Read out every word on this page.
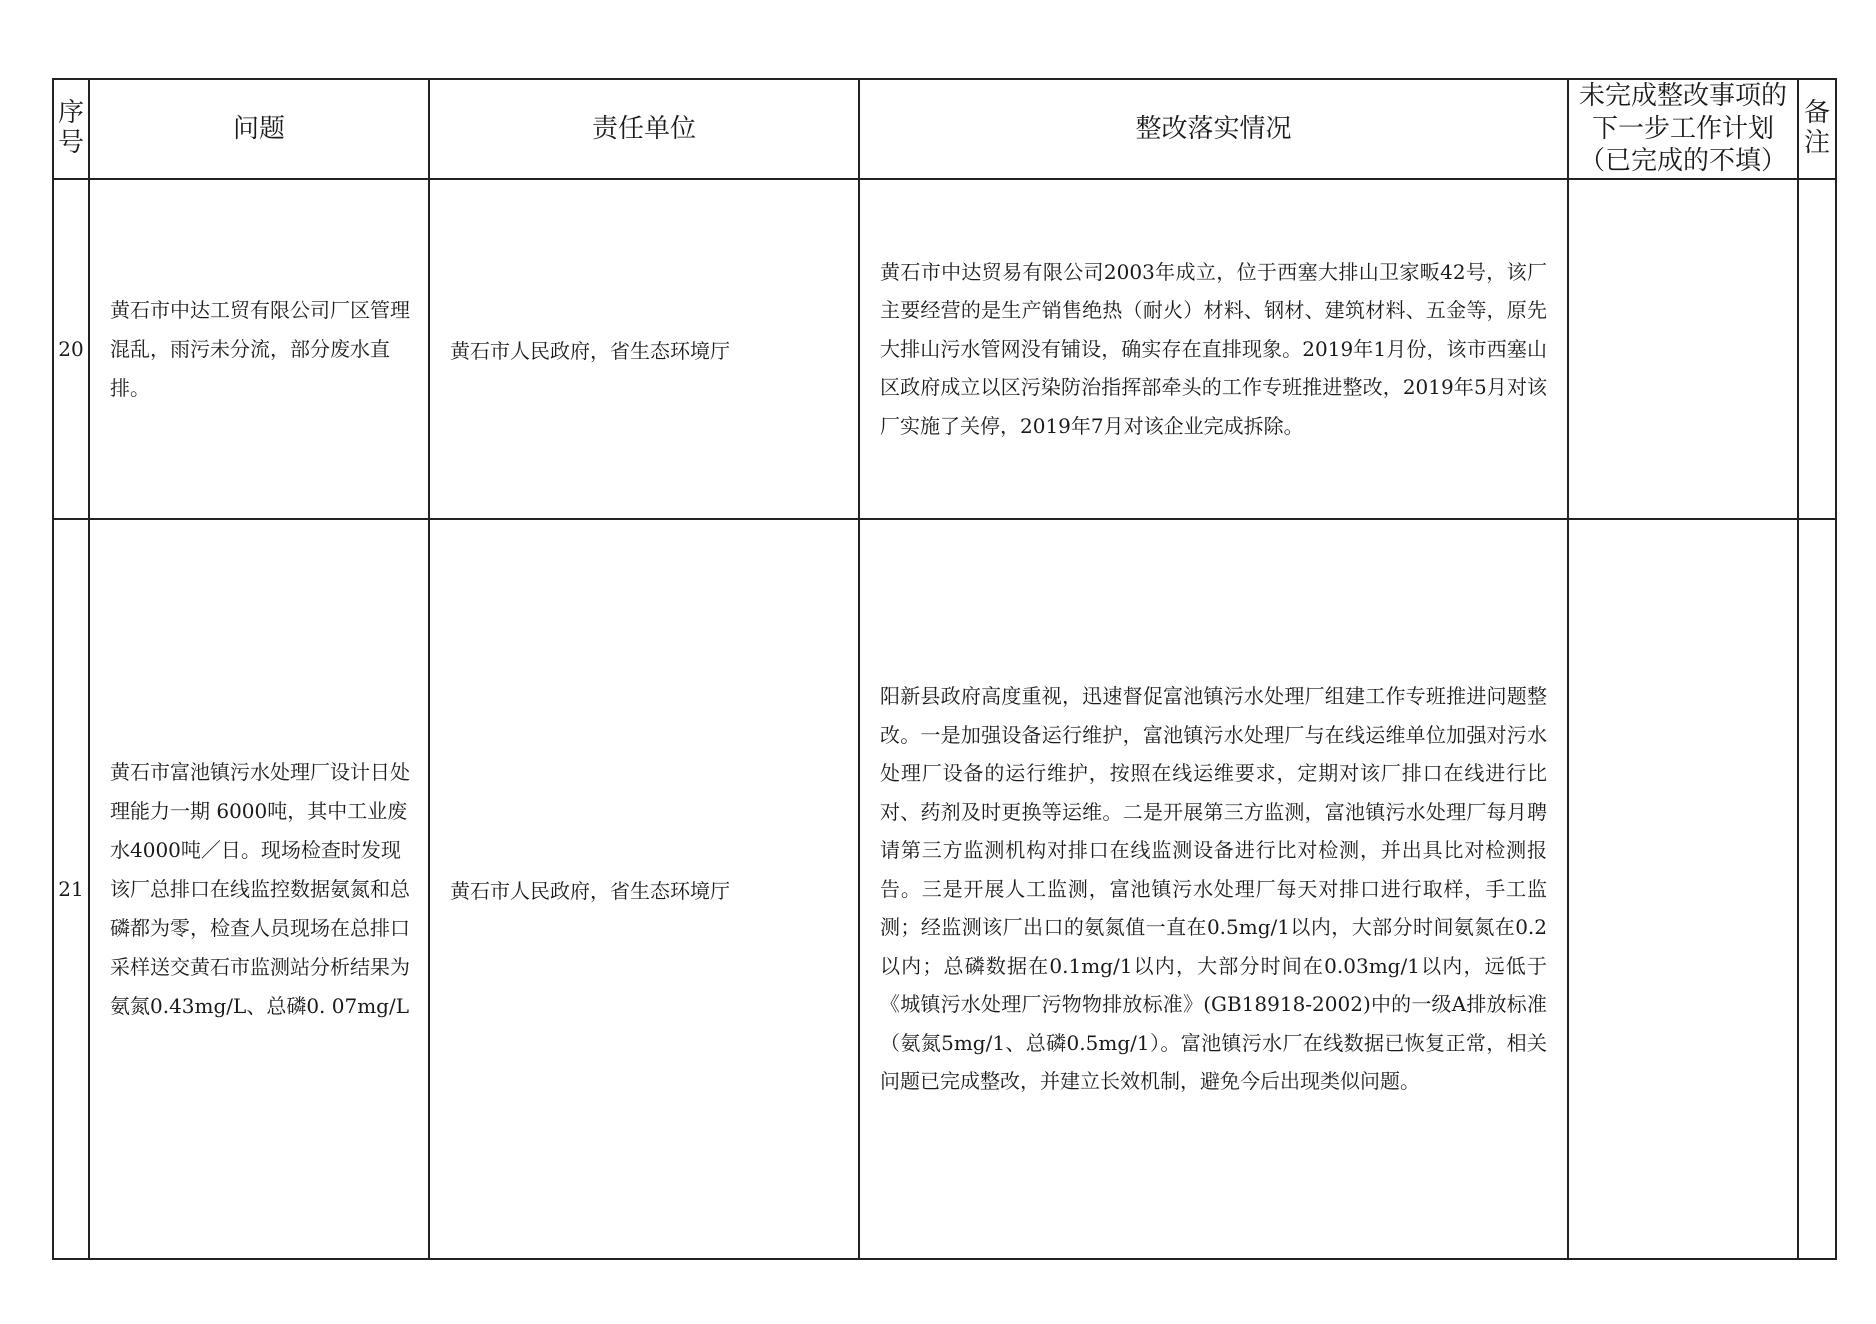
序号	问题	责任单位	整改落实情况	未完成整改事项的下一步工作计划（已完成的不填）	备注
20	黄石市中达工贸有限公司厂区管理混乱，雨污未分流，部分废水直排。	黄石市人民政府，省生态环境厅	黄石市中达贸易有限公司2003年成立，位于西塞大排山卫家畈42号，该厂主要经营的是生产销售绝热（耐火）材料、钢材、建筑材料、五金等，原先大排山污水管网没有铺设，确实存在直排现象。2019年1月份，该市西塞山区政府成立以区污染防治指挥部牵头的工作专班推进整改，2019年5月对该厂实施了关停，2019年7月对该企业完成拆除。		

21	黄石市富池镇污水处理厂设计日处理能力一期 6000吨，其中工业废水4000吨／日。现场检查时发现该厂总排口在线监控数据氨氮和总磷都为零，检查人员现场在总排口采样送交黄石市监测站分析结果为氨氮0.43mg/L、总磷0. 07mg/L	黄石市人民政府，省生态环境厅	阳新县政府高度重视，迅速督促富池镇污水处理厂组建工作专班推进问题整改。一是加强设备运行维护，富池镇污水处理厂与在线运维单位加强对污水处理厂设备的运行维护，按照在线运维要求，定期对该厂排口在线进行比对、药剂及时更换等运维。二是开展第三方监测，富池镇污水处理厂每月聘请第三方监测机构对排口在线监测设备进行比对检测，并出具比对检测报告。三是开展人工监测，富池镇污水处理厂每天对排口进行取样，手工监测；经监测该厂出口的氨氮值一直在0.5mg/1以内，大部分时间氨氮在0.2以内；总磷数据在0.1mg/1以内，大部分时间在0.03mg/1以内，远低于《城镇污水处理厂污物物排放标准》(GB18918-2002)中的一级A排放标准（氨氮5mg/1、总磷0.5mg/1）。富池镇污水厂在线数据已恢复正常，相关问题已完成整改，并建立长效机制，避免今后出现类似问题。		
